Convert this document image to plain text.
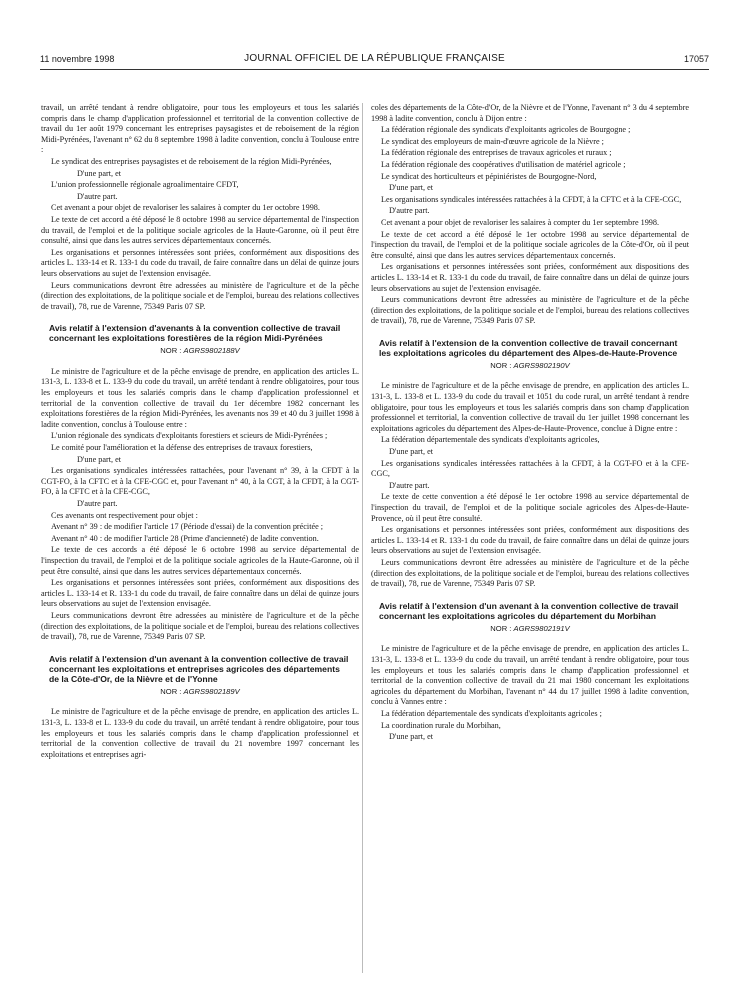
11 novembre 1998	JOURNAL OFFICIEL DE LA RÉPUBLIQUE FRANÇAISE	17057

travail, un arrêté tendant à rendre obligatoire, pour tous les employeurs et tous les salariés compris dans le champ d'application professionnel et territorial de la convention collective de travail du 1er août 1979 concernant les entreprises paysagistes et de reboisement de la région Midi-Pyrénées, l'avenant n° 62 du 8 septembre 1998 à ladite convention, conclu à Toulouse entre :

Le syndicat des entreprises paysagistes et de reboisement de la région Midi-Pyrénées,

D'une part, et

L'union professionnelle régionale agroalimentaire CFDT,

D'autre part.

Cet avenant a pour objet de revaloriser les salaires à compter du 1er octobre 1998.

Le texte de cet accord a été déposé le 8 octobre 1998 au service départemental de l'inspection du travail, de l'emploi et de la politique sociale agricoles de la Haute-Garonne, où il peut être consulté, ainsi que dans les autres services départementaux concernés.

Les organisations et personnes intéressées sont priées, conformément aux dispositions des articles L. 133-14 et R. 133-1 du code du travail, de faire connaître dans un délai de quinze jours leurs observations au sujet de l'extension envisagée.

Leurs communications devront être adressées au ministère de l'agriculture et de la pêche (direction des exploitations, de la politique sociale et de l'emploi, bureau des relations collectives de travail), 78, rue de Varenne, 75349 Paris 07 SP.

Avis relatif à l'extension d'avenants à la convention collective de travail concernant les exploitations forestières de la région Midi-Pyrénées
NOR : AGRS9802188V

Le ministre de l'agriculture et de la pêche envisage de prendre, en application des articles L. 131-3, L. 133-8 et L. 133-9 du code du travail, un arrêté tendant à rendre obligatoires, pour tous les employeurs et tous les salariés compris dans le champ d'application professionnel et territorial de la convention collective de travail du 1er décembre 1982 concernant les exploitations forestières de la région Midi-Pyrénées, les avenants nos 39 et 40 du 3 juillet 1998 à ladite convention, conclus à Toulouse entre :

L'union régionale des syndicats d'exploitants forestiers et scieurs de Midi-Pyrénées ;

Le comité pour l'amélioration et la défense des entreprises de travaux forestiers,

D'une part, et

Les organisations syndicales intéressées rattachées, pour l'avenant n° 39, à la CFDT à la CGT-FO, à la CFTC et à la CFE-CGC et, pour l'avenant n° 40, à la CGT, à la CFDT, à la CGT-FO, à la CFTC et à la CFE-CGC,

D'autre part.

Ces avenants ont respectivement pour objet :

Avenant n° 39 : de modifier l'article 17 (Période d'essai) de la convention précitée ;

Avenant n° 40 : de modifier l'article 28 (Prime d'ancienneté) de ladite convention.

Le texte de ces accords a été déposé le 6 octobre 1998 au service départemental de l'inspection du travail, de l'emploi et de la politique sociale agricoles de la Haute-Garonne, où il peut être consulté, ainsi que dans les autres services départementaux concernés.

Les organisations et personnes intéressées sont priées, conformément aux dispositions des articles L. 133-14 et R. 133-1 du code du travail, de faire connaître dans un délai de quinze jours leurs observations au sujet de l'extension envisagée.

Leurs communications devront être adressées au ministère de l'agriculture et de la pêche (direction des exploitations, de la politique sociale et de l'emploi, bureau des relations collectives de travail), 78, rue de Varenne, 75349 Paris 07 SP.

Avis relatif à l'extension d'un avenant à la convention collective de travail concernant les exploitations et entreprises agricoles des départements de la Côte-d'Or, de la Nièvre et de l'Yonne
NOR : AGRS9802189V

Le ministre de l'agriculture et de la pêche envisage de prendre, en application des articles L. 131-3, L. 133-8 et L. 133-9 du code du travail, un arrêté tendant à rendre obligatoire, pour tous les employeurs et tous les salariés compris dans le champ d'application professionnel et territorial de la convention collective de travail du 21 novembre 1997 concernant les exploitations et entreprises agri-

coles des départements de la Côte-d'Or, de la Nièvre et de l'Yonne, l'avenant n° 3 du 4 septembre 1998 à ladite convention, conclu à Dijon entre :

La fédération régionale des syndicats d'exploitants agricoles de Bourgogne ;

Le syndicat des employeurs de main-d'œuvre agricole de la Nièvre ;

La fédération régionale des entreprises de travaux agricoles et ruraux ;

La fédération régionale des coopératives d'utilisation de matériel agricole ;

Le syndicat des horticulteurs et pépiniéristes de Bourgogne-Nord,

D'une part, et

Les organisations syndicales intéressées rattachées à la CFDT, à la CFTC et à la CFE-CGC,

D'autre part.

Cet avenant a pour objet de revaloriser les salaires à compter du 1er septembre 1998.

Le texte de cet accord a été déposé le 1er octobre 1998 au service départemental de l'inspection du travail, de l'emploi et de la politique sociale agricoles de la Côte-d'Or, où il peut être consulté, ainsi que dans les autres services départementaux concernés.

Les organisations et personnes intéressées sont priées, conformément aux dispositions des articles L. 133-14 et R. 133-1 du code du travail, de faire connaître dans un délai de quinze jours leurs observations au sujet de l'extension envisagée.

Leurs communications devront être adressées au ministère de l'agriculture et de la pêche (direction des exploitations, de la politique sociale et de l'emploi, bureau des relations collectives de travail), 78, rue de Varenne, 75349 Paris 07 SP.

Avis relatif à l'extension de la convention collective de travail concernant les exploitations agricoles du département des Alpes-de-Haute-Provence
NOR : AGRS9802190V

Le ministre de l'agriculture et de la pêche envisage de prendre, en application des articles L. 131-3, L. 133-8 et L. 133-9 du code du travail et 1051 du code rural, un arrêté tendant à rendre obligatoire, pour tous les employeurs et tous les salariés compris dans son champ d'application professionnel et territorial, la convention collective de travail du 1er juillet 1998 concernant les exploitations agricoles du département des Alpes-de-Haute-Provence, conclue à Digne entre :

La fédération départementale des syndicats d'exploitants agricoles,

D'une part, et

Les organisations syndicales intéressées rattachées à la CFDT, à la CGT-FO et à la CFE-CGC,

D'autre part.

Le texte de cette convention a été déposé le 1er octobre 1998 au service départemental de l'inspection du travail, de l'emploi et de la politique sociale agricoles des Alpes-de-Haute-Provence, où il peut être consulté.

Les organisations et personnes intéressées sont priées, conformément aux dispositions des articles L. 133-14 et R. 133-1 du code du travail, de faire connaître dans un délai de quinze jours leurs observations au sujet de l'extension envisagée.

Leurs communications devront être adressées au ministère de l'agriculture et de la pêche (direction des exploitations, de la politique sociale et de l'emploi, bureau des relations collectives de travail), 78, rue de Varenne, 75349 Paris 07 SP.

Avis relatif à l'extension d'un avenant à la convention collective de travail concernant les exploitations agricoles du département du Morbihan
NOR : AGRS9802191V

Le ministre de l'agriculture et de la pêche envisage de prendre, en application des articles L. 131-3, L. 133-8 et L. 133-9 du code du travail, un arrêté tendant à rendre obligatoire, pour tous les employeurs et tous les salariés compris dans le champ d'application professionnel et territorial de la convention collective de travail du 21 mai 1980 concernant les exploitations agricoles du département du Morbihan, l'avenant n° 44 du 17 juillet 1998 à ladite convention, conclu à Vannes entre :

La fédération départementale des syndicats d'exploitants agricoles ;

La coordination rurale du Morbihan,

D'une part, et
